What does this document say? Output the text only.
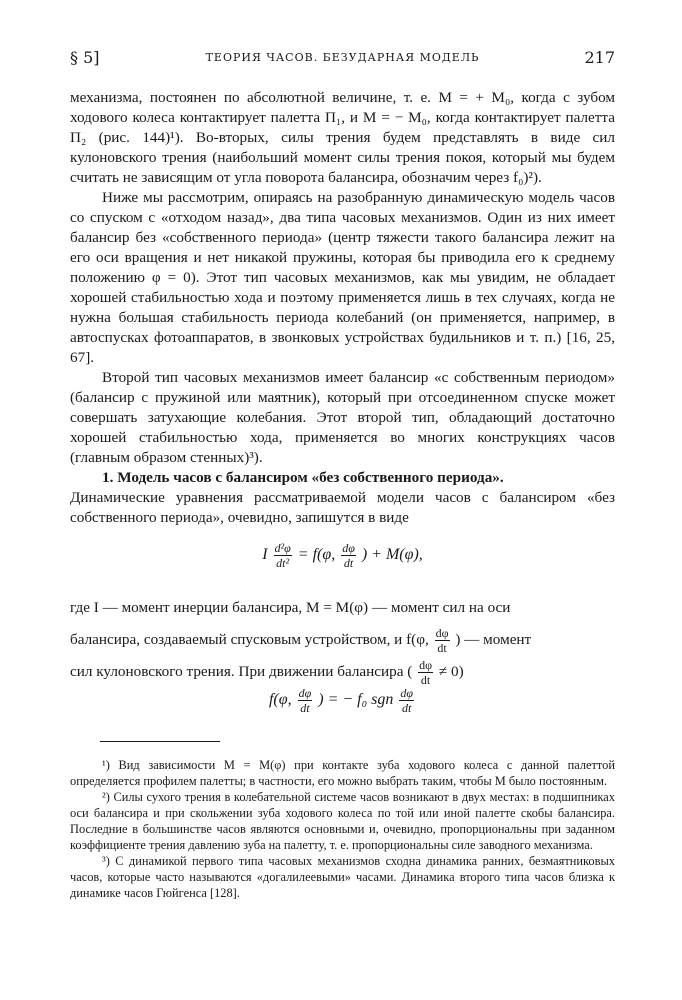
§ 5]	ТЕОРИЯ ЧАСОВ. БЕЗУДАРНАЯ МОДЕЛЬ	217

механизма, постоянен по абсолютной величине, т. е. M = + M₀, когда с зубом ходового колеса контактирует палетта Π₁, и M = − M₀, когда контактирует палетта Π₂ (рис. 144)¹). Во-вторых, силы трения будем представлять в виде сил кулоновского трения (наибольший момент силы трения покоя, который мы будем считать не зависящим от угла поворота балансира, обозначим через f₀)²).

Ниже мы рассмотрим, опираясь на разобранную динамическую модель часов со спуском с «отходом назад», два типа часовых механизмов. Один из них имеет балансир без «собственного периода» (центр тяжести такого балансира лежит на его оси вращения и нет никакой пружины, которая бы приводила его к среднему положению φ = 0). Этот тип часовых механизмов, как мы увидим, не обладает хорошей стабильностью хода и поэтому применяется лишь в тех случаях, когда не нужна большая стабильность периода колебаний (он применяется, например, в автоспусках фотоаппаратов, в звонковых устройствах будильников и т. п.) [16, 25, 67].

Второй тип часовых механизмов имеет балансир «с собственным периодом» (балансир с пружиной или маятник), который при отсоединенном спуске может совершать затухающие колебания. Этот второй тип, обладающий достаточно хорошей стабильностью хода, применяется во многих конструкциях часов (главным образом стенных)³).

1. Модель часов с балансиром «без собственного периода».

Динамические уравнения рассматриваемой модели часов с балансиром «без собственного периода», очевидно, запишутся в виде

I $\frac{\text{d²φ}}{\text{dt²}} = f(\varphi$, $\frac{d\varphi}{dt}$ ) + M(φ),
где I — момент инерции балансира, M = M(φ) — момент сил на оси
балансира, создаваемый спусковым устройством, и f(φ, $\frac{d\varphi}{dt}$ ) — момент
сил кулоновского трения. При движении балансира ( $\frac{d\varphi}{dt} \ne 0$)
f(φ, $\frac{d\varphi}{dt}$ ) = − f₀ sgn $\frac{d\varphi}{dt}$

¹) Вид зависимости M = M(φ) при контакте зуба ходового колеса с данной палеттой определяется профилем палетты; в частности, его можно выбрать таким, чтобы M было постоянным.

²) Силы сухого трения в колебательной системе часов возникают в двух местах: в подшипниках оси балансира и при скольжении зуба ходового колеса по той или иной палетте скобы балансира. Последние в большинстве часов являются основными и, очевидно, пропорциональны при заданном коэффициенте трения давлению зуба на палетту, т. е. пропорциональны силе заводного механизма.

³) С динамикой первого типа часовых механизмов сходна динамика ранних, безмаятниковых часов, которые часто называются «догалилеевыми» часами. Динамика второго типа часов близка к динамике часов Гюйгенса [128].
